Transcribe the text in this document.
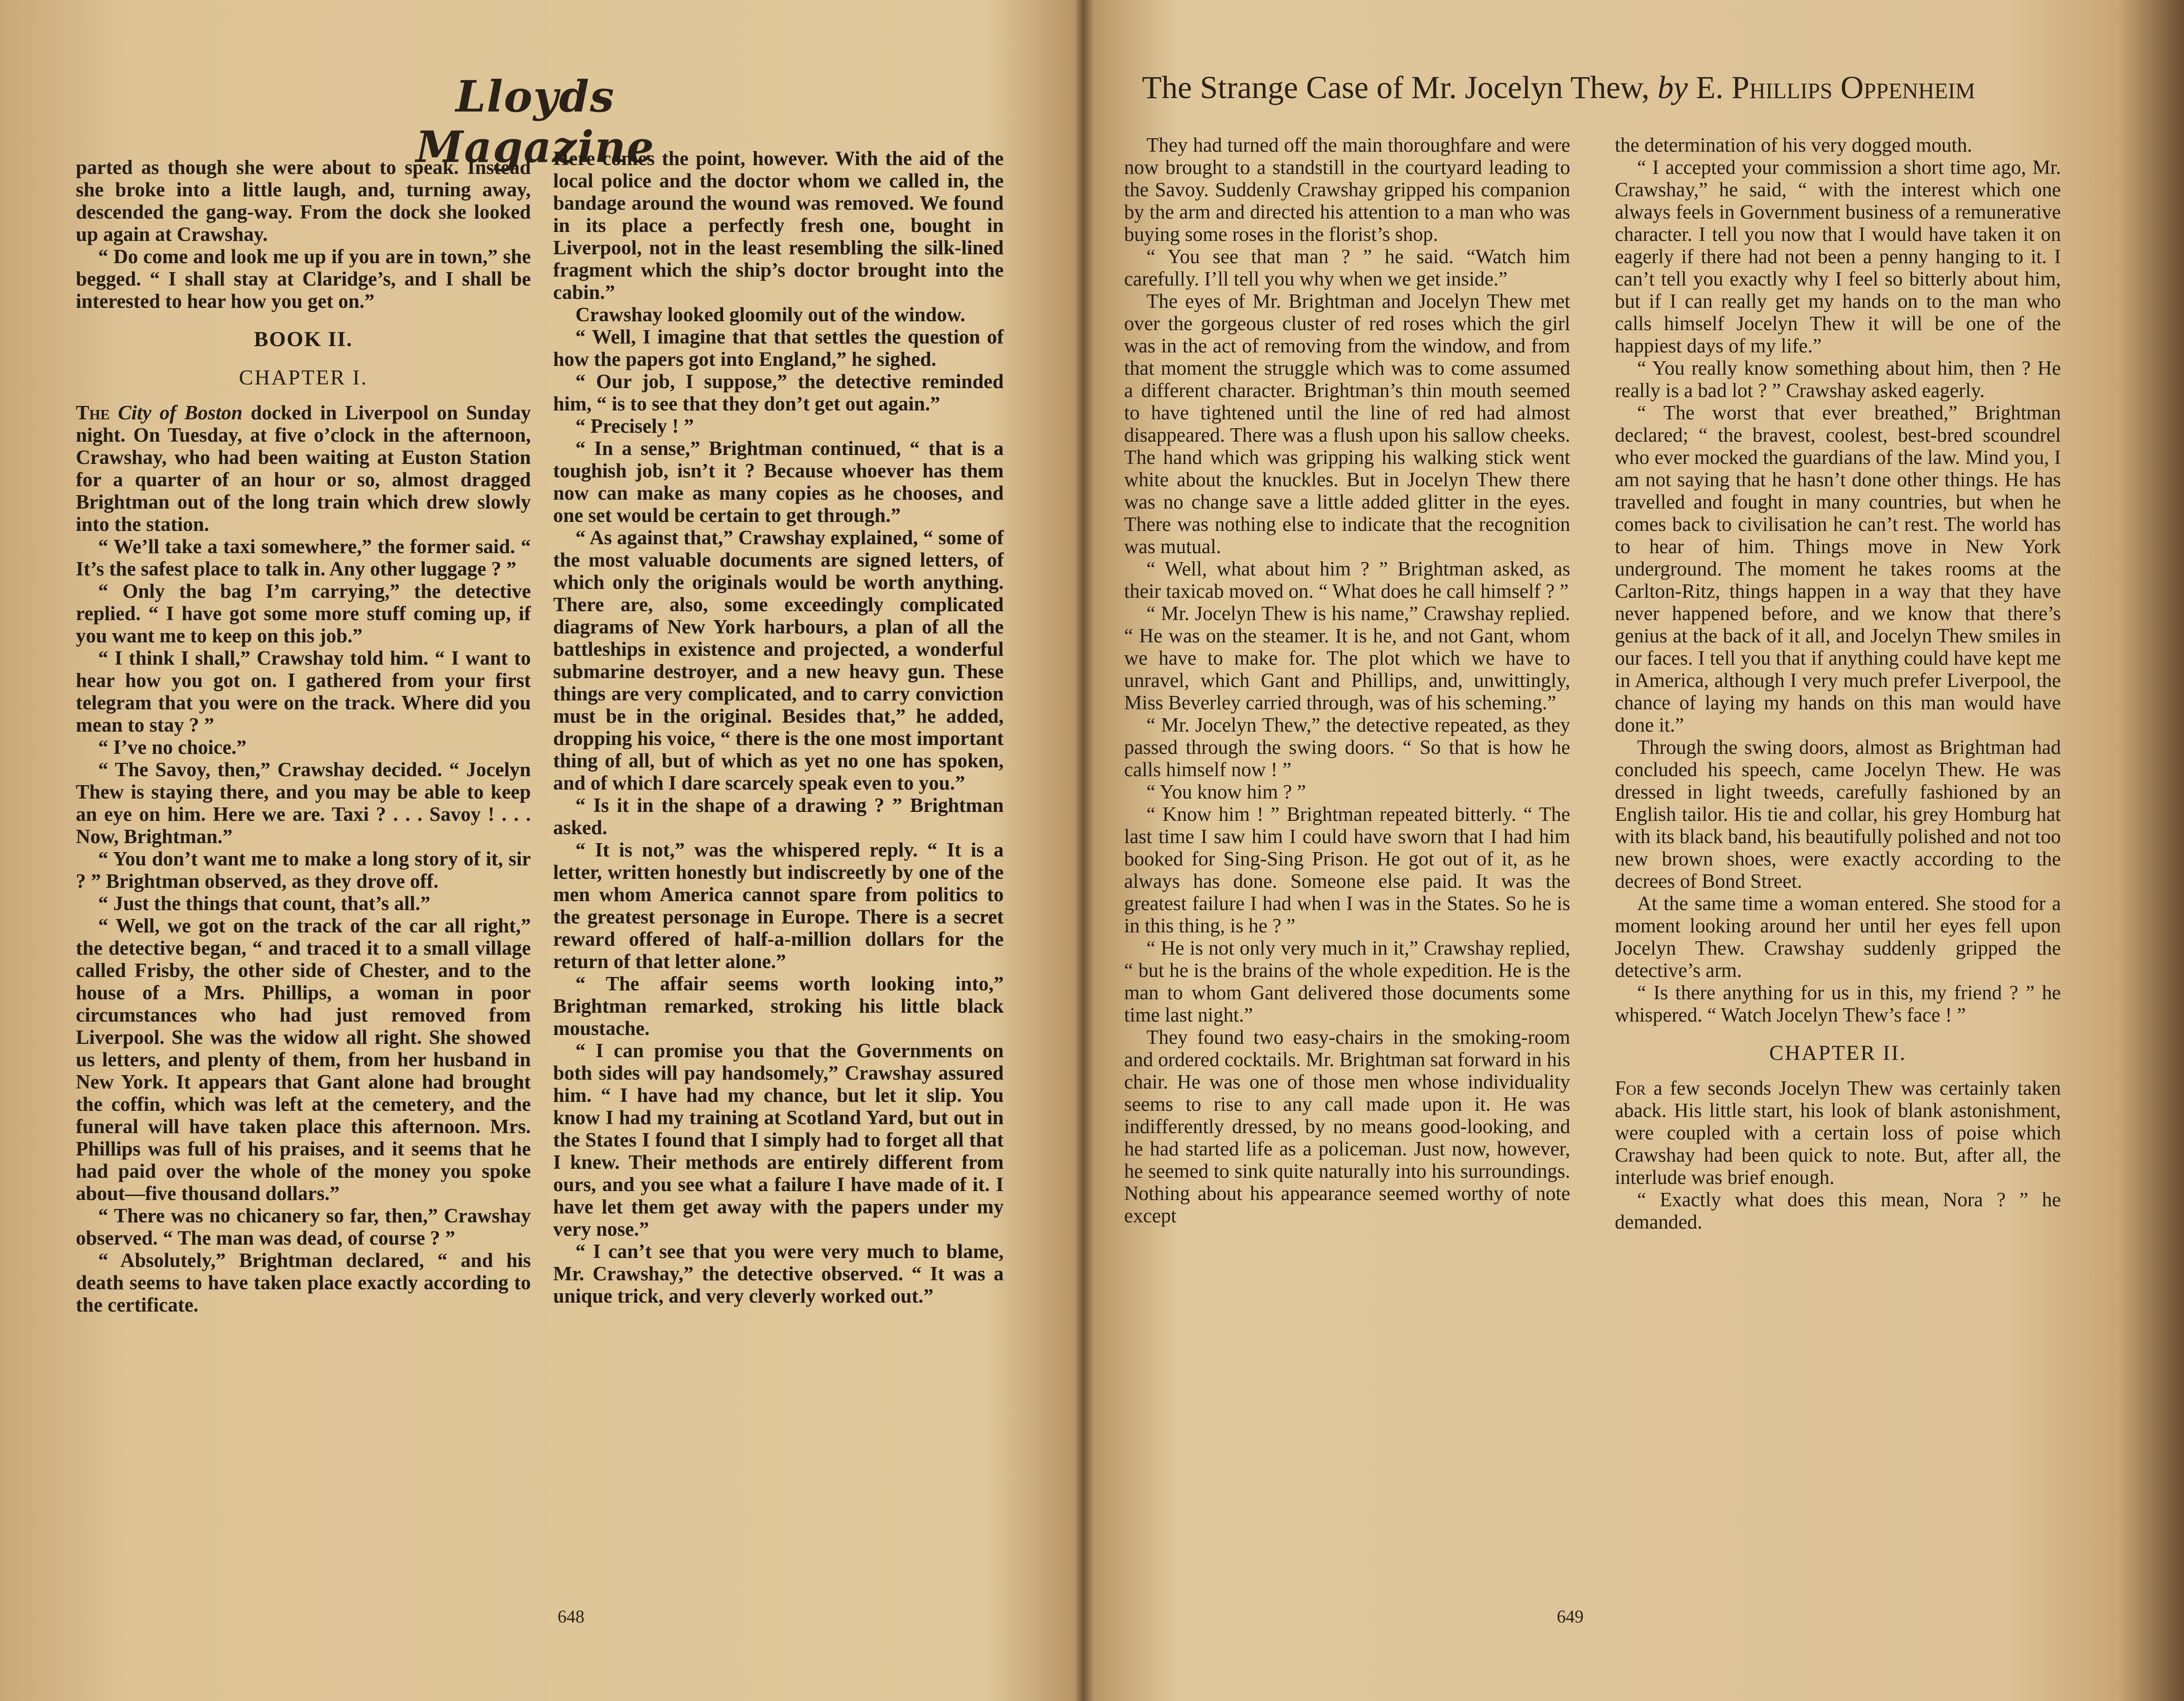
Lloyds Magazine

parted as though she were about to speak. Instead she broke into a little laugh, and, turning away, descended the gang-way. From the dock she looked up again at Crawshay.

“ Do come and look me up if you are in town,” she begged. “ I shall stay at Claridge’s, and I shall be interested to hear how you get on.”

BOOK II.
CHAPTER I.

The City of Boston docked in Liverpool on Sunday night. On Tuesday, at five o’clock in the afternoon, Crawshay, who had been waiting at Euston Station for a quarter of an hour or so, almost dragged Brightman out of the long train which drew slowly into the station.

“ We’ll take a taxi somewhere,” the former said. “ It’s the safest place to talk in. Any other luggage ? ”

“ Only the bag I’m carrying,” the detective replied. “ I have got some more stuff coming up, if you want me to keep on this job.”

“ I think I shall,” Crawshay told him. “ I want to hear how you got on. I gathered from your first telegram that you were on the track. Where did you mean to stay ? ”

“ I’ve no choice.”

“ The Savoy, then,” Crawshay decided. “ Jocelyn Thew is staying there, and you may be able to keep an eye on him. Here we are. Taxi ? . . . Savoy ! . . . Now, Brightman.”

“ You don’t want me to make a long story of it, sir ? ” Brightman observed, as they drove off.

“ Just the things that count, that’s all.”

“ Well, we got on the track of the car all right,” the detective began, “ and traced it to a small village called Frisby, the other side of Chester, and to the house of a Mrs. Phillips, a woman in poor circumstances who had just removed from Liverpool. She was the widow all right. She showed us letters, and plenty of them, from her husband in New York. It appears that Gant alone had brought the coffin, which was left at the cemetery, and the funeral will have taken place this afternoon. Mrs. Phillips was full of his praises, and it seems that he had paid over the whole of the money you spoke about—five thousand dollars.”

“ There was no chicanery so far, then,” Crawshay observed. “ The man was dead, of course ? ”

“ Absolutely,” Brightman declared, “ and his death seems to have taken place exactly according to the certificate.

Here comes the point, however. With the aid of the local police and the doctor whom we called in, the bandage around the wound was removed. We found in its place a perfectly fresh one, bought in Liverpool, not in the least resembling the silk-lined fragment which the ship’s doctor brought into the cabin.”

Crawshay looked gloomily out of the window.

“ Well, I imagine that that settles the question of how the papers got into England,” he sighed.

“ Our job, I suppose,” the detective reminded him, “ is to see that they don’t get out again.”

“ Precisely ! ”

“ In a sense,” Brightman continued, “ that is a toughish job, isn’t it ? Because whoever has them now can make as many copies as he chooses, and one set would be certain to get through.”

“ As against that,” Crawshay explained, “ some of the most valuable documents are signed letters, of which only the originals would be worth anything. There are, also, some exceedingly complicated diagrams of New York harbours, a plan of all the battleships in existence and projected, a wonderful submarine destroyer, and a new heavy gun. These things are very complicated, and to carry conviction must be in the original. Besides that,” he added, dropping his voice, “ there is the one most important thing of all, but of which as yet no one has spoken, and of which I dare scarcely speak even to you.”

“ Is it in the shape of a drawing ? ” Brightman asked.

“ It is not,” was the whispered reply. “ It is a letter, written honestly but indiscreetly by one of the men whom America cannot spare from politics to the greatest personage in Europe. There is a secret reward offered of half-a-million dollars for the return of that letter alone.”

“ The affair seems worth looking into,” Brightman remarked, stroking his little black moustache.

“ I can promise you that the Governments on both sides will pay handsomely,” Crawshay assured him. “ I have had my chance, but let it slip. You know I had my training at Scotland Yard, but out in the States I found that I simply had to forget all that I knew. Their methods are entirely different from ours, and you see what a failure I have made of it. I have let them get away with the papers under my very nose.”

“ I can’t see that you were very much to blame, Mr. Crawshay,” the detective observed. “ It was a unique trick, and very cleverly worked out.”

648
The Strange Case of Mr. Jocelyn Thew, by E. Phillips Oppenheim

They had turned off the main thoroughfare and were now brought to a standstill in the courtyard leading to the Savoy. Suddenly Crawshay gripped his companion by the arm and directed his attention to a man who was buying some roses in the florist’s shop.

“ You see that man ? ” he said. “Watch him carefully. I’ll tell you why when we get inside.”

The eyes of Mr. Brightman and Jocelyn Thew met over the gorgeous cluster of red roses which the girl was in the act of removing from the window, and from that moment the struggle which was to come assumed a different character. Brightman’s thin mouth seemed to have tightened until the line of red had almost disappeared. There was a flush upon his sallow cheeks. The hand which was gripping his walking stick went white about the knuckles. But in Jocelyn Thew there was no change save a little added glitter in the eyes. There was nothing else to indicate that the recognition was mutual.

“ Well, what about him ? ” Brightman asked, as their taxicab moved on. “ What does he call himself ? ”

“ Mr. Jocelyn Thew is his name,” Crawshay replied. “ He was on the steamer. It is he, and not Gant, whom we have to make for. The plot which we have to unravel, which Gant and Phillips, and, unwittingly, Miss Beverley carried through, was of his scheming.”

“ Mr. Jocelyn Thew,” the detective repeated, as they passed through the swing doors. “ So that is how he calls himself now ! ”

“ You know him ? ”

“ Know him ! ” Brightman repeated bitterly. “ The last time I saw him I could have sworn that I had him booked for Sing-Sing Prison. He got out of it, as he always has done. Someone else paid. It was the greatest failure I had when I was in the States. So he is in this thing, is he ? ”

“ He is not only very much in it,” Crawshay replied, “ but he is the brains of the whole expedition. He is the man to whom Gant delivered those documents some time last night.”

They found two easy-chairs in the smoking-room and ordered cocktails. Mr. Brightman sat forward in his chair. He was one of those men whose individuality seems to rise to any call made upon it. He was indifferently dressed, by no means good-looking, and he had started life as a policeman. Just now, however, he seemed to sink quite naturally into his surroundings. Nothing about his appearance seemed worthy of note except

the determination of his very dogged mouth.

“ I accepted your commission a short time ago, Mr. Crawshay,” he said, “ with the interest which one always feels in Government business of a remunerative character. I tell you now that I would have taken it on eagerly if there had not been a penny hanging to it. I can’t tell you exactly why I feel so bitterly about him, but if I can really get my hands on to the man who calls himself Jocelyn Thew it will be one of the happiest days of my life.”

“ You really know something about him, then ? He really is a bad lot ? ” Crawshay asked eagerly.

“ The worst that ever breathed,” Brightman declared; “ the bravest, coolest, best-bred scoundrel who ever mocked the guardians of the law. Mind you, I am not saying that he hasn’t done other things. He has travelled and fought in many countries, but when he comes back to civilisation he can’t rest. The world has to hear of him. Things move in New York underground. The moment he takes rooms at the Carlton-Ritz, things happen in a way that they have never happened before, and we know that there’s genius at the back of it all, and Jocelyn Thew smiles in our faces. I tell you that if anything could have kept me in America, although I very much prefer Liverpool, the chance of laying my hands on this man would have done it.”

Through the swing doors, almost as Brightman had concluded his speech, came Jocelyn Thew. He was dressed in light tweeds, carefully fashioned by an English tailor. His tie and collar, his grey Homburg hat with its black band, his beautifully polished and not too new brown shoes, were exactly according to the decrees of Bond Street.

At the same time a woman entered. She stood for a moment looking around her until her eyes fell upon Jocelyn Thew. Crawshay suddenly gripped the detective’s arm.

“ Is there anything for us in this, my friend ? ” he whispered. “ Watch Jocelyn Thew’s face ! ”

CHAPTER II.

For a few seconds Jocelyn Thew was certainly taken aback. His little start, his look of blank astonishment, were coupled with a certain loss of poise which Crawshay had been quick to note. But, after all, the interlude was brief enough.

“ Exactly what does this mean, Nora ? ” he demanded.

649
